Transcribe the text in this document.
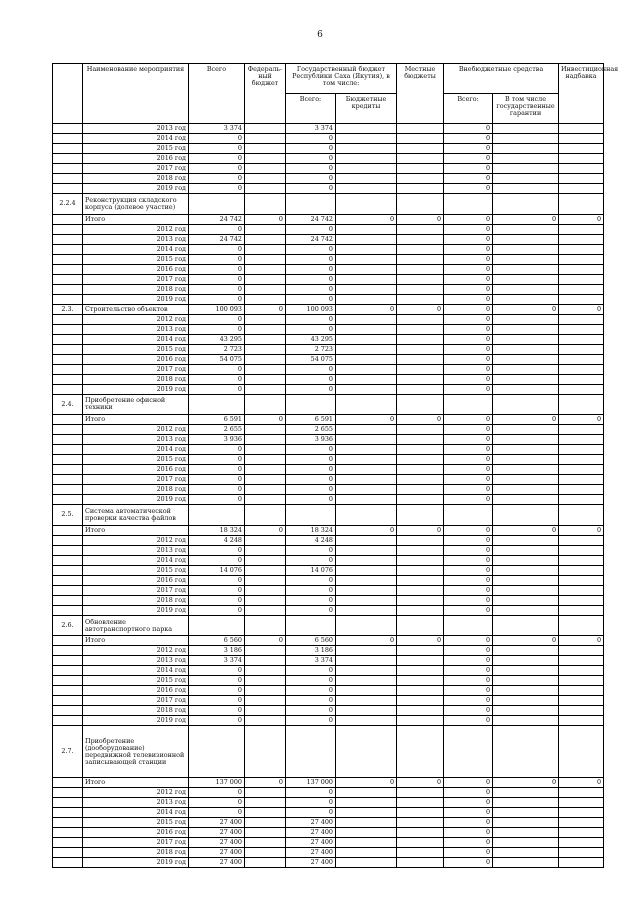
6
	Наименование мероприятия	Всего	Федераль-ный бюджет	Государственный бюджет Республики Саха (Якутия), в том числе:		Местные бюджеты	Внебюджетные средства		Инвестиционная надбавка
				Всего:	Бюджетные кредиты		Всего:	В том числе государственные гарантии	
	2013 год	3 374		3 374			0		
	2014 год	0		0			0		
	2015 год	0		0			0		
	2016 год	0		0			0		
	2017 год	0		0			0		
	2018 год	0		0			0		
	2019 год	0		0			0		
2.2.4	Реконструкция складского корпуса (долевое участие)								
	Итого	24 742	0	24 742	0	0	0	0	0
	2012 год	0		0			0		
	2013 год	24 742		24 742			0		
	2014 год	0		0			0		
	2015 год	0		0			0		
	2016 год	0		0			0		
	2017 год	0		0			0		
	2018 год	0		0			0		
	2019 год	0		0			0		
2.3.	Строительство объектов	100 093	0	100 093	0	0	0	0	0
	2012 год	0		0			0		
	2013 год	0		0			0		
	2014 год	43 295		43 295			0		
	2015 год	2 723		2 723			0		
	2016 год	54 075		54 075			0		
	2017 год	0		0			0		
	2018 год	0		0			0		
	2019 год	0		0			0		
2.4.	Приобретение офисной техники								
	Итого	6 591	0	6 591	0	0	0	0	0
	2012 год	2 655		2 655			0		
	2013 год	3 936		3 936			0		
	2014 год	0		0			0		
	2015 год	0		0			0		
	2016 год	0		0			0		
	2017 год	0		0			0		
	2018 год	0		0			0		
	2019 год	0		0			0		
2.5.	Система автоматической проверки качества файлов								
	Итого	18 324	0	18 324	0	0	0	0	0
	2012 год	4 248		4 248			0		
	2013 год	0		0			0		
	2014 год	0		0			0		
	2015 год	14 076		14 076			0		
	2016 год	0		0			0		
	2017 год	0		0			0		
	2018 год	0		0			0		
	2019 год	0		0			0		
2.6.	Обновление автотранспортного парка								
	Итого	6 560	0	6 560	0	0	0	0	0
	2012 год	3 186		3 186			0		
	2013 год	3 374		3 374			0		
	2014 год	0		0			0		
	2015 год	0		0			0		
	2016 год	0		0			0		
	2017 год	0		0			0		
	2018 год	0		0			0		
	2019 год	0		0			0		
2.7.	Приобретение (дооборудование) передвижной телевизионной записывающей станции								
	Итого	137 000	0	137 000	0	0	0	0	0
	2012 год	0		0			0		
	2013 год	0		0			0		
	2014 год	0		0			0		
	2015 год	27 400		27 400			0		
	2016 год	27 400		27 400			0		
	2017 год	27 400		27 400			0		
	2018 год	27 400		27 400			0		
	2019 год	27 400		27 400			0		
